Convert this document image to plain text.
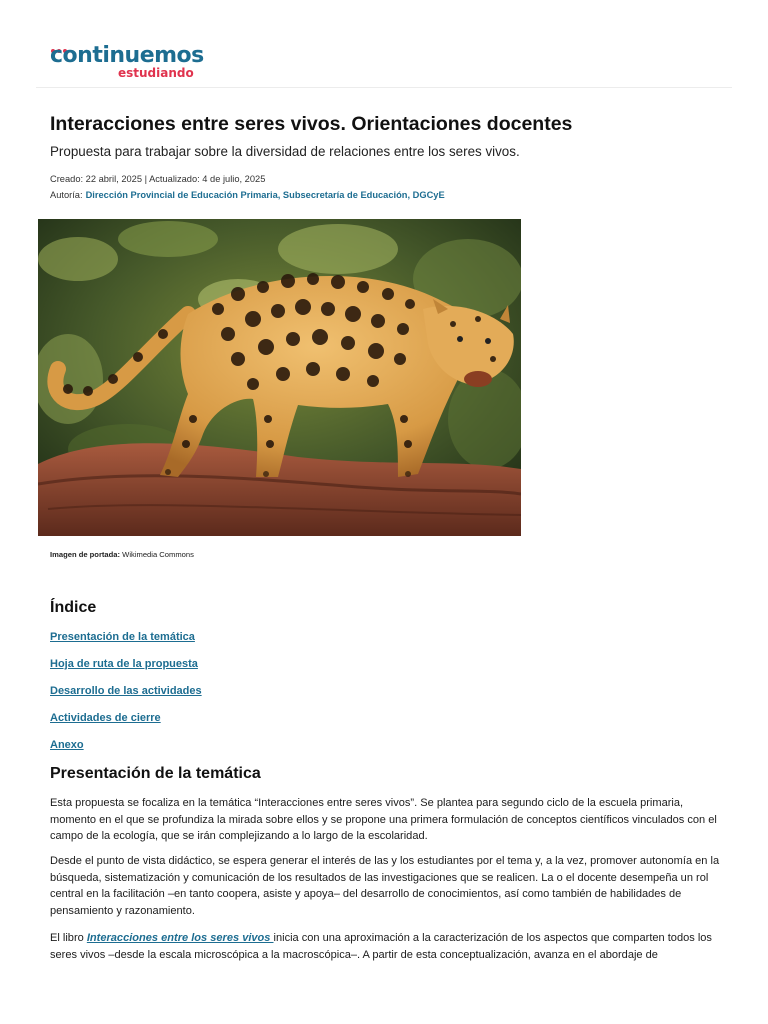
continuemos
estudiando
Interacciones entre seres vivos. Orientaciones docentes

Propuesta para trabajar sobre la diversidad de relaciones entre los seres vivos.

Creado: 22 abril, 2025 | Actualizado: 4 de julio, 2025

Autoría: Dirección Provincial de Educación Primaria, Subsecretaría de Educación, DGCyE

Imagen de portada: Wikimedia Commons

Índice
Presentación de la temática
Hoja de ruta de la propuesta
Desarrollo de las actividades
Actividades de cierre
Anexo
Presentación de la temática

Esta propuesta se focaliza en la temática “Interacciones entre seres vivos”. Se plantea para segundo ciclo de la escuela primaria, momento en el que se profundiza la mirada sobre ellos y se propone una primera formulación de conceptos científicos vinculados con el campo de la ecología, que se irán complejizando a lo largo de la escolaridad.

Desde el punto de vista didáctico, se espera generar el interés de las y los estudiantes por el tema y, a la vez, promover autonomía en la búsqueda, sistematización y comunicación de los resultados de las investigaciones que se realicen. La o el docente desempeña un rol central en la facilitación –en tanto coopera, asiste y apoya– del desarrollo de conocimientos, así como también de habilidades de pensamiento y razonamiento.

El libro Interacciones entre los seres vivos inicia con una aproximación a la caracterización de los aspectos que comparten todos los seres vivos –desde la escala microscópica a la macroscópica–. A partir de esta conceptualización, avanza en el abordaje de
